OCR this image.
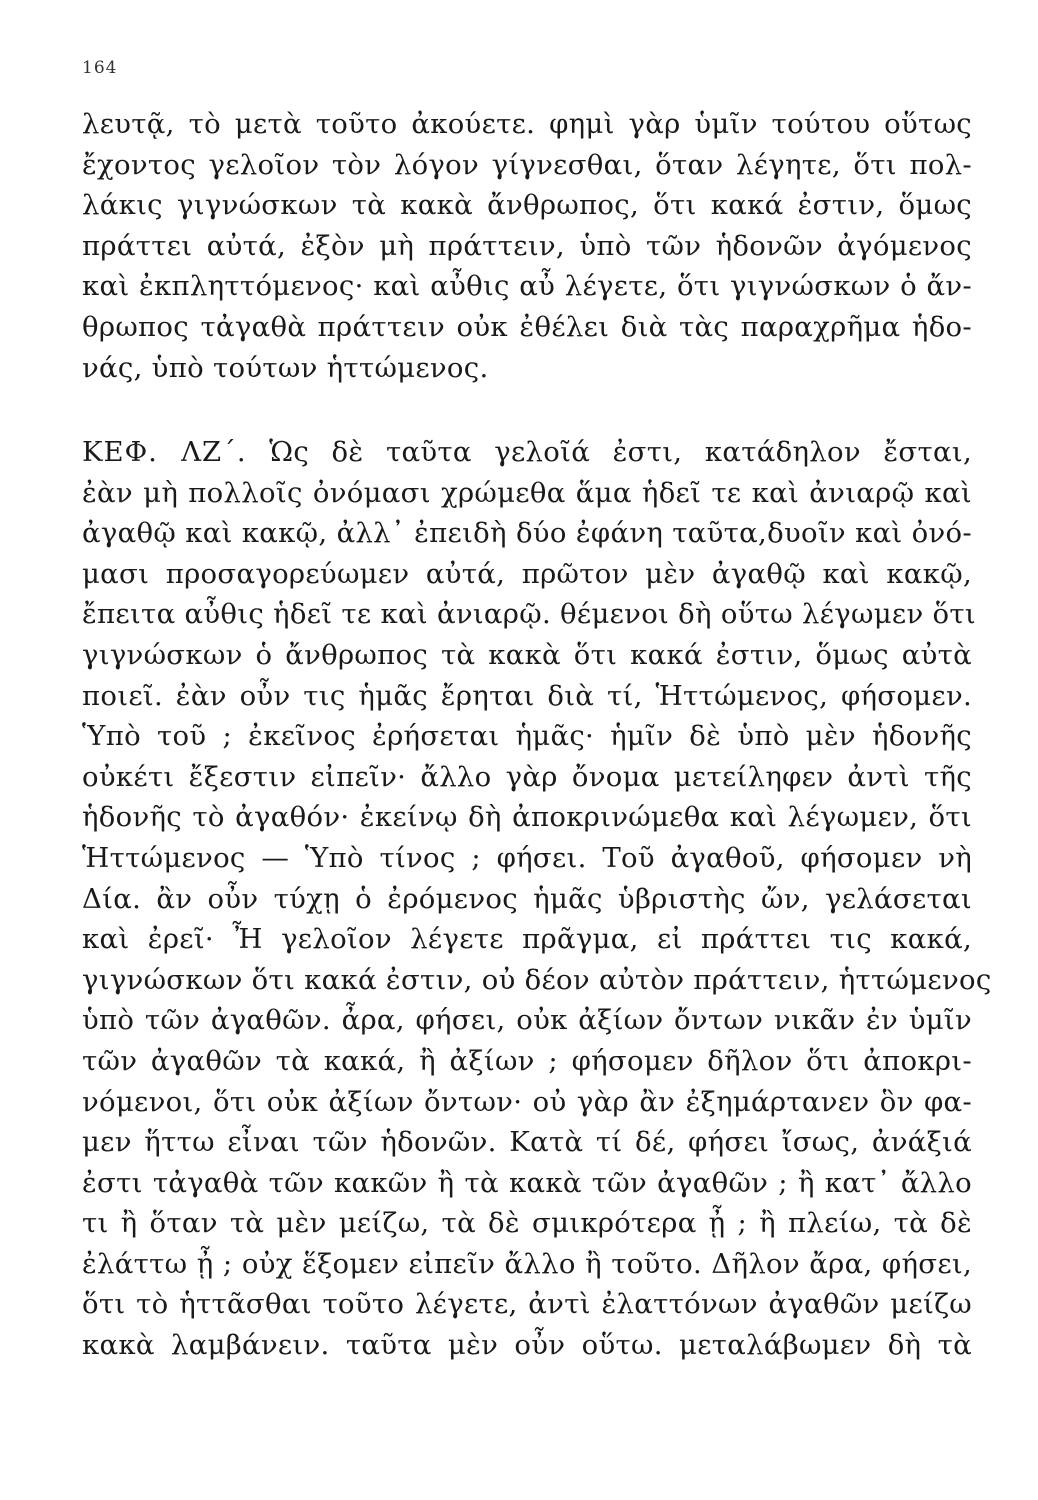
164
λευτᾷ, τὸ μετὰ τοῦτο ἀκούετε. φημὶ γὰρ ὑμῖν τούτου οὕτως
ἔχοντος γελοῖον τὸν λόγον γίγνεσθαι, ὅταν λέγητε, ὅτι πολ-
λάκις γιγνώσκων τὰ κακὰ ἄνθρωπος, ὅτι κακά ἐστιν, ὅμως
πράττει αὐτά, ἐξὸν μὴ πράττειν, ὑπὸ τῶν ἡδονῶν ἀγόμενος
καὶ ἐκπληττόμενος· καὶ αὖθις αὖ λέγετε, ὅτι γιγνώσκων ὁ ἄν-
θρωπος τἀγαθὰ πράττειν οὐκ ἐθέλει διὰ τὰς παραχρῆμα ἡδο-
νάς, ὑπὸ τούτων ἡττώμενος.
ΚΕΦ. ΛΖ΄. Ὡς δὲ ταῦτα γελοῖά ἐστι, κατάδηλον ἔσται,
ἐὰν μὴ πολλοῖς ὀνόμασι χρώμεθα ἅμα ἡδεῖ τε καὶ ἀνιαρῷ καὶ
ἀγαθῷ καὶ κακῷ, ἀλλ᾽ ἐπειδὴ δύο ἐφάνη ταῦτα,δυοῖν καὶ ὀνό-
μασι προσαγορεύωμεν αὐτά, πρῶτον μὲν ἀγαθῷ καὶ κακῷ,
ἔπειτα αὖθις ἡδεῖ τε καὶ ἀνιαρῷ. θέμενοι δὴ οὕτω λέγωμεν ὅτι
γιγνώσκων ὁ ἄνθρωπος τὰ κακὰ ὅτι κακά ἐστιν, ὅμως αὐτὰ
ποιεῖ. ἐὰν οὖν τις ἡμᾶς ἔρηται διὰ τί, Ἡττώμενος, φήσομεν.
Ὑπὸ τοῦ ; ἐκεῖνος ἐρήσεται ἡμᾶς· ἡμῖν δὲ ὑπὸ μὲν ἡδονῆς
οὐκέτι ἔξεστιν εἰπεῖν· ἄλλο γὰρ ὄνομα μετείληφεν ἀντὶ τῆς
ἡδονῆς τὸ ἀγαθόν· ἐκείνῳ δὴ ἀποκρινώμεθα καὶ λέγωμεν, ὅτι
Ἡττώμενος — Ὑπὸ τίνος ; φήσει. Τοῦ ἀγαθοῦ, φήσομεν νὴ
Δία. ἂν οὖν τύχῃ ὁ ἐρόμενος ἡμᾶς ὑβριστὴς ὤν, γελάσεται
καὶ ἐρεῖ· Ἦ γελοῖον λέγετε πρᾶγμα, εἰ πράττει τις κακά,
γιγνώσκων ὅτι κακά ἐστιν, οὐ δέον αὐτὸν πράττειν, ἡττώμενος
ὑπὸ τῶν ἀγαθῶν. ἆρα, φήσει, οὐκ ἀξίων ὄντων νικᾶν ἐν ὑμῖν
τῶν ἀγαθῶν τὰ κακά, ἢ ἀξίων ; φήσομεν δῆλον ὅτι ἀποκρι-
νόμενοι, ὅτι οὐκ ἀξίων ὄντων· οὐ γὰρ ἂν ἐξημάρτανεν ὃν φα-
μεν ἥττω εἶναι τῶν ἡδονῶν. Κατὰ τί δέ, φήσει ἴσως, ἀνάξιά
ἐστι τἀγαθὰ τῶν κακῶν ἢ τὰ κακὰ τῶν ἀγαθῶν ; ἢ κατ᾽ ἄλλο
τι ἢ ὅταν τὰ μὲν μείζω, τὰ δὲ σμικρότερα ᾖ ; ἢ πλείω, τὰ δὲ
ἐλάττω ᾖ ; οὐχ ἕξομεν εἰπεῖν ἄλλο ἢ τοῦτο. Δῆλον ἄρα, φήσει,
ὅτι τὸ ἡττᾶσθαι τοῦτο λέγετε, ἀντὶ ἐλαττόνων ἀγαθῶν μείζω
κακὰ λαμβάνειν. ταῦτα μὲν οὖν οὕτω. μεταλάβωμεν δὴ τὰ
